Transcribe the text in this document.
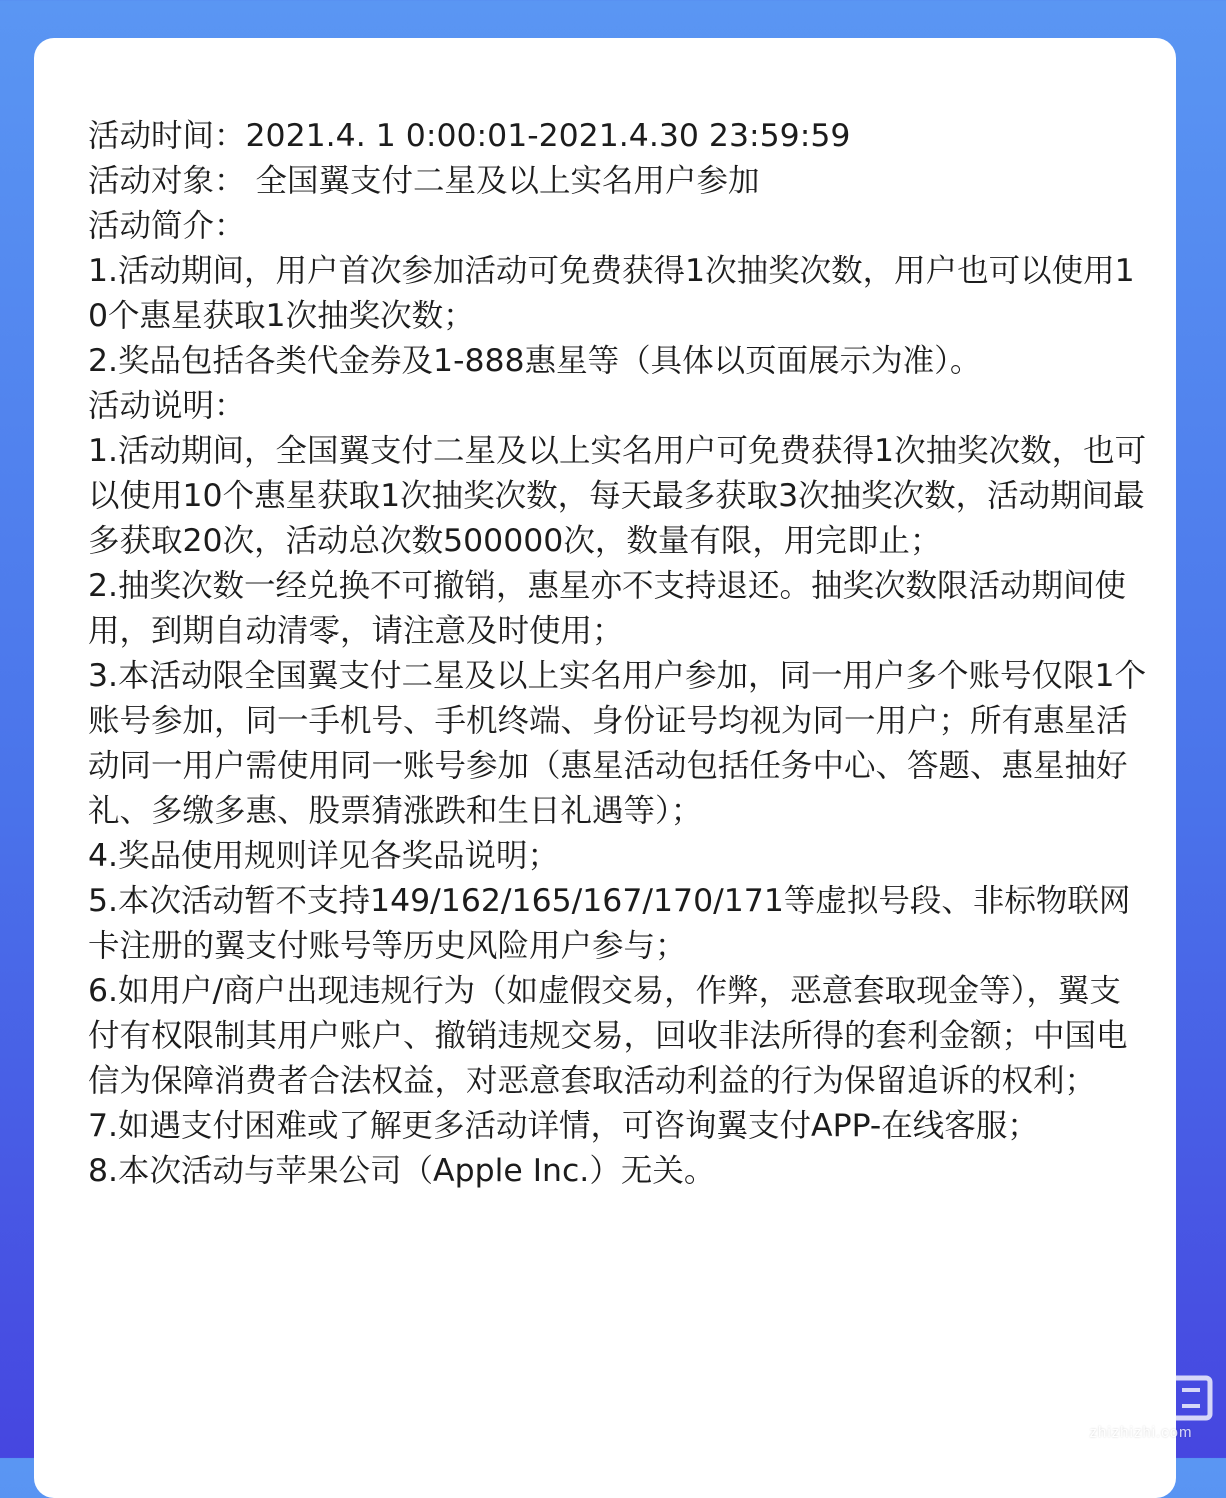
活动时间：2021.4. 1 0:00:01-2021.4.30 23:59:59
活动对象： 全国翼支付二星及以上实名用户参加
活动简介：
1.活动期间，用户首次参加活动可免费获得1次抽奖次数，用户也可以使用10个惠星获取1次抽奖次数；
2.奖品包括各类代金券及1-888惠星等（具体以页面展示为准）。
活动说明：
1.活动期间，全国翼支付二星及以上实名用户可免费获得1次抽奖次数，也可以使用10个惠星获取1次抽奖次数，每天最多获取3次抽奖次数，活动期间最多获取20次，活动总次数500000次，数量有限，用完即止；
2.抽奖次数一经兑换不可撤销，惠星亦不支持退还。抽奖次数限活动期间使用，到期自动清零，请注意及时使用；
3.本活动限全国翼支付二星及以上实名用户参加，同一用户多个账号仅限1个账号参加，同一手机号、手机终端、身份证号均视为同一用户；所有惠星活动同一用户需使用同一账号参加（惠星活动包括任务中心、答题、惠星抽好礼、多缴多惠、股票猜涨跌和生日礼遇等）；
4.奖品使用规则详见各奖品说明；
5.本次活动暂不支持149/162/165/167/170/171等虚拟号段、非标物联网卡注册的翼支付账号等历史风险用户参与；
6.如用户/商户出现违规行为（如虚假交易，作弊，恶意套取现金等），翼支付有权限制其用户账户、撤销违规交易，回收非法所得的套利金额；中国电信为保障消费者合法权益，对恶意套取活动利益的行为保留追诉的权利；
7.如遇支付困难或了解更多活动详情，可咨询翼支付APP-在线客服；
8.本次活动与苹果公司（Apple Inc.）无关。
zhizhizhi.com
